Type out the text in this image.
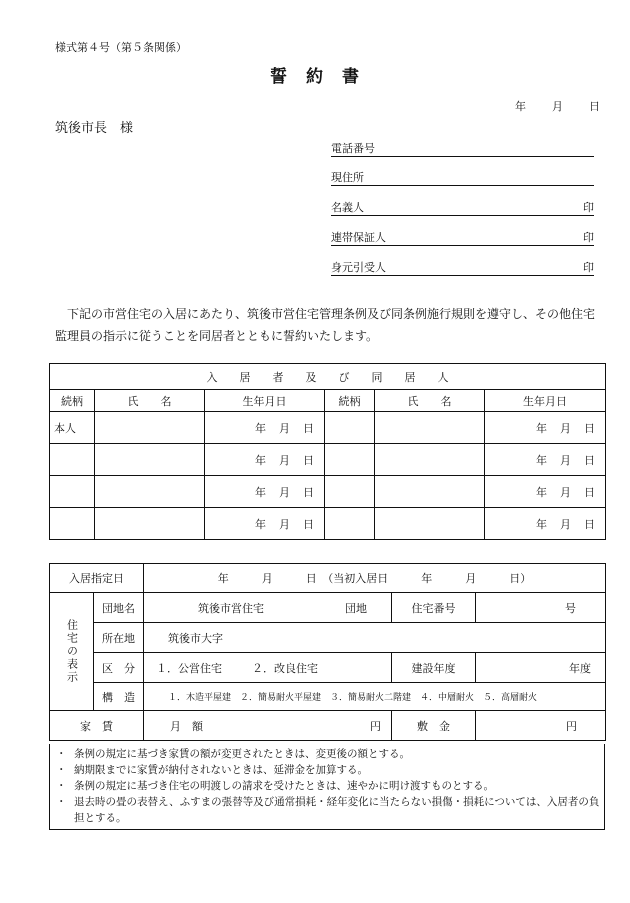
様式第４号（第５条関係）
誓　約　書
年 月 日
筑後市長　様
電話番号
現住所
名義人	印
連帯保証人	印
身元引受人	印
下記の市営住宅の入居にあたり、筑後市営住宅管理条例及び同条例施行規則を遵守し、その他住宅監理員の指示に従うことを同居者とともに誓約いたします。
入　　居　　者　　及　　び　　同　　居　　人					
続柄	氏　　名	生年月日	続柄	氏　　名	生年月日
本人		年 月 日			年 月 日

		年 月 日			年 月 日

		年 月 日			年 月 日

		年 月 日			年 月 日
入居指定日		年　　　月　　　日　（当初入居日　　　年　　　月　　　日）		

住宅の表示	団地名	筑後市営住宅 団地	住宅番号	号

	所在地	筑後市大字		
	区　分	１．公営住宅 ２．改良住宅	建設年度	年度
	構　造	１．木造平屋建　２．簡易耐火平屋建　３．簡易耐火二階建　４．中層耐火　５．高層耐火		
家　賃		月　額 円	敷　金	円
・ 条例の規定に基づき家賃の額が変更されたときは、変更後の額とする。
・ 納期限までに家賃が納付されないときは、延滞金を加算する。
・ 条例の規定に基づき住宅の明渡しの請求を受けたときは、速やかに明け渡すものとする。
・ 退去時の畳の表替え、ふすまの張替等及び通常損耗・経年変化に当たらない損傷・損耗については、入居者の負担とする。
